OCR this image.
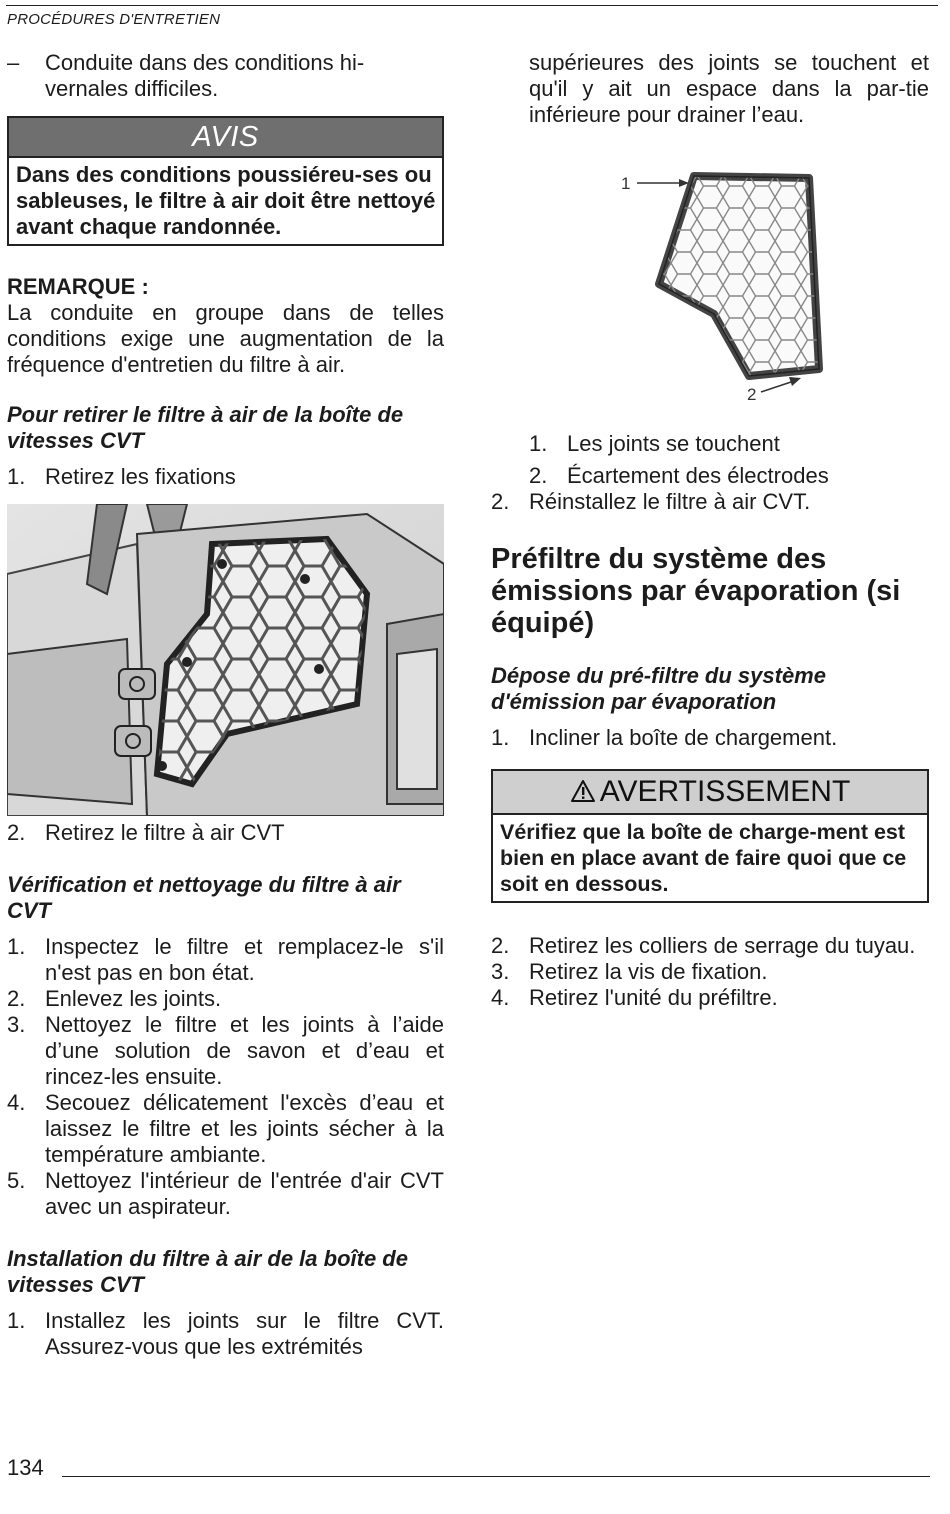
PROCÉDURES D'ENTRETIEN
–	Conduite dans des conditions hi-vernales difficiles.
AVIS
Dans des conditions poussiéreu-ses ou sableuses, le filtre à air doit être nettoyé avant chaque randonnée.

REMARQUE :

La conduite en groupe dans de telles conditions exige une augmentation de la fréquence d'entretien du filtre à air.

Pour retirer le filtre à air de la boîte de vitesses CVT

1. Retirez les fixations
2. Retirez le filtre à air CVT

Vérification et nettoyage du filtre à air CVT

1. Inspectez le filtre et remplacez-le s'il n'est pas en bon état.
2. Enlevez les joints.
3. Nettoyez le filtre et les joints à l’aide d’une solution de savon et d’eau et rincez-les ensuite.
4. Secouez délicatement l'excès d’eau et laissez le filtre et les joints sécher à la température ambiante.
5. Nettoyez l'intérieur de l'entrée d'air CVT avec un aspirateur.

Installation du filtre à air de la boîte de vitesses CVT

1. Installez les joints sur le filtre CVT. Assurez-vous que les extrémités
supérieures des joints se touchent et qu'il y ait un espace dans la par-tie inférieure pour drainer l’eau.
1
2
1. Les joints se touchent
2. Écartement des électrodes
2. Réinstallez le filtre à air CVT.

Préfiltre du système des émissions par évaporation (si équipé)

Dépose du pré-filtre du système d'émission par évaporation

1. Incliner la boîte de chargement.
AVERTISSEMENT
Vérifiez que la boîte de charge-ment est bien en place avant de faire quoi que ce soit en dessous.
2. Retirez les colliers de serrage du tuyau.
3. Retirez la vis de fixation.
4. Retirez l'unité du préfiltre.
134
